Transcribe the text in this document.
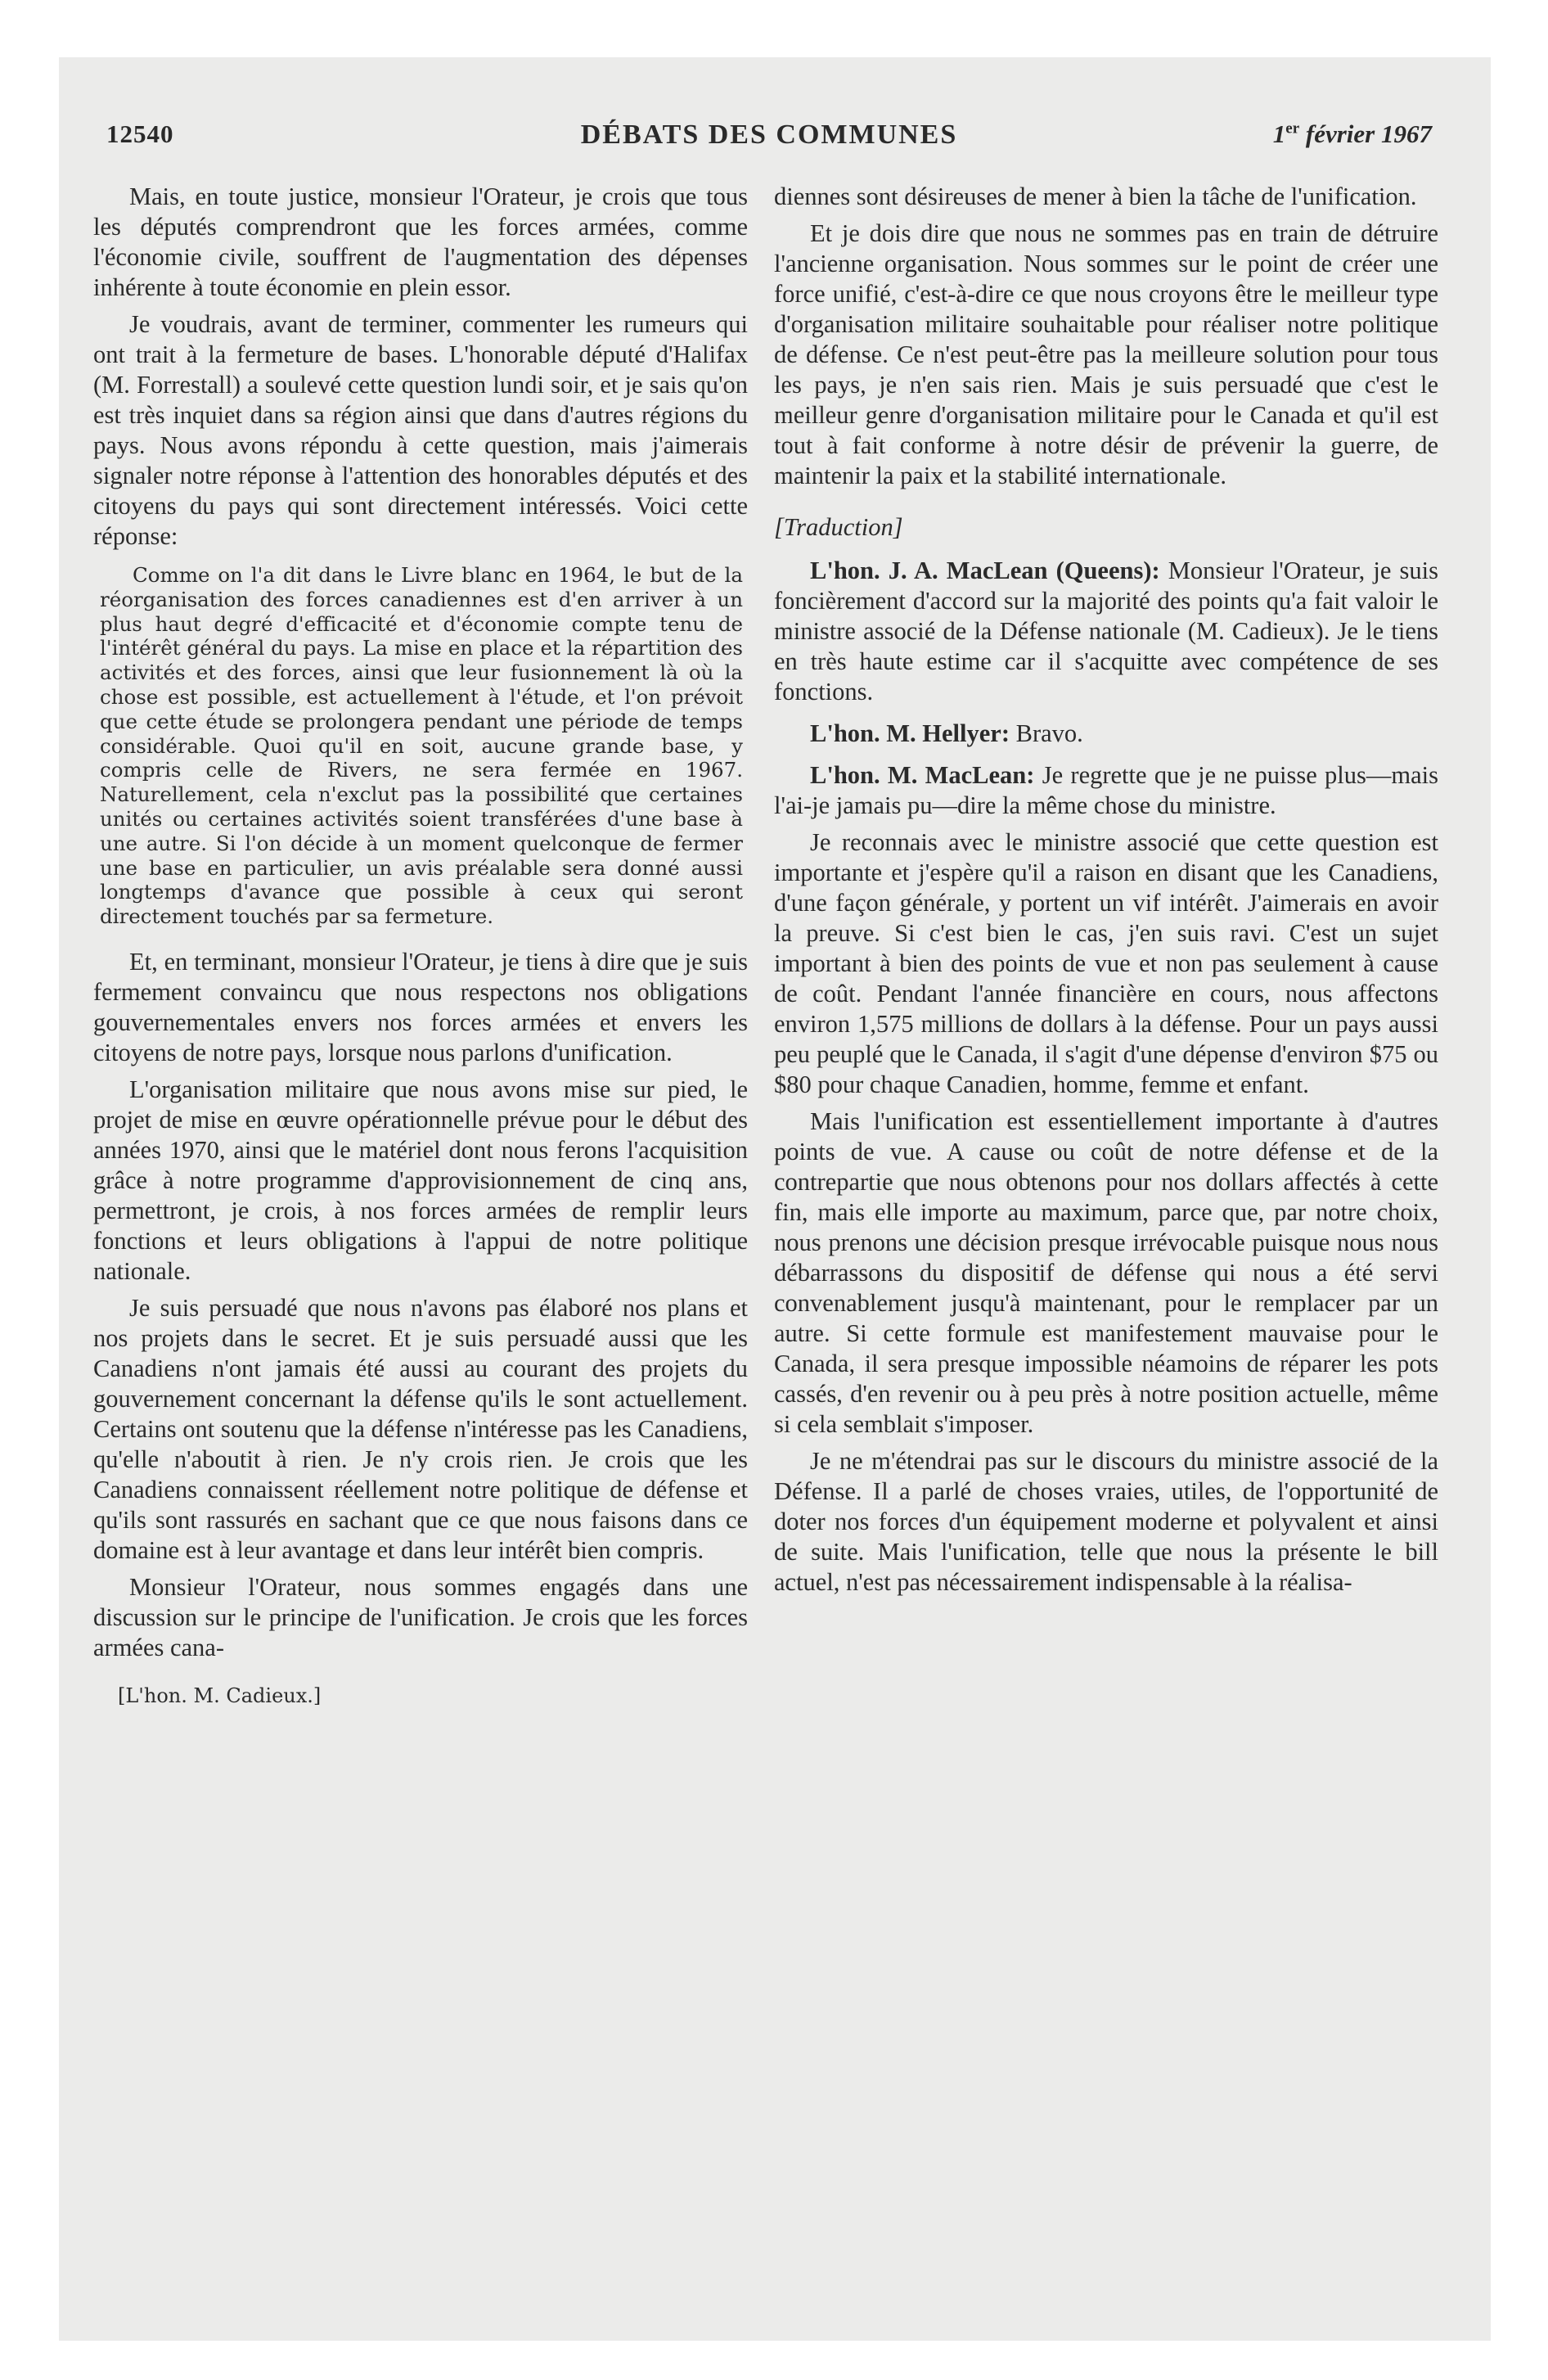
12540	DÉBATS DES COMMUNES	1er février 1967

Mais, en toute justice, monsieur l'Orateur, je crois que tous les députés comprendront que les forces armées, comme l'économie civile, souffrent de l'augmentation des dépenses inhérente à toute économie en plein essor.

Je voudrais, avant de terminer, commenter les rumeurs qui ont trait à la fermeture de bases. L'honorable député d'Halifax (M. Forrestall) a soulevé cette question lundi soir, et je sais qu'on est très inquiet dans sa région ainsi que dans d'autres régions du pays. Nous avons répondu à cette question, mais j'aimerais signaler notre réponse à l'attention des honorables députés et des citoyens du pays qui sont directement intéressés. Voici cette réponse:

Comme on l'a dit dans le Livre blanc en 1964, le but de la réorganisation des forces canadiennes est d'en arriver à un plus haut degré d'efficacité et d'économie compte tenu de l'intérêt général du pays. La mise en place et la répartition des activités et des forces, ainsi que leur fusionnement là où la chose est possible, est actuellement à l'étude, et l'on prévoit que cette étude se prolongera pendant une période de temps considérable. Quoi qu'il en soit, aucune grande base, y compris celle de Rivers, ne sera fermée en 1967. Naturellement, cela n'exclut pas la possibilité que certaines unités ou certaines activités soient transférées d'une base à une autre. Si l'on décide à un moment quelconque de fermer une base en particulier, un avis préalable sera donné aussi longtemps d'avance que possible à ceux qui seront directement touchés par sa fermeture.

Et, en terminant, monsieur l'Orateur, je tiens à dire que je suis fermement convaincu que nous respectons nos obligations gouvernementales envers nos forces armées et envers les citoyens de notre pays, lorsque nous parlons d'unification.

L'organisation militaire que nous avons mise sur pied, le projet de mise en œuvre opérationnelle prévue pour le début des années 1970, ainsi que le matériel dont nous ferons l'acquisition grâce à notre programme d'approvisionnement de cinq ans, permettront, je crois, à nos forces armées de remplir leurs fonctions et leurs obligations à l'appui de notre politique nationale.

Je suis persuadé que nous n'avons pas élaboré nos plans et nos projets dans le secret. Et je suis persuadé aussi que les Canadiens n'ont jamais été aussi au courant des projets du gouvernement concernant la défense qu'ils le sont actuellement. Certains ont soutenu que la défense n'intéresse pas les Canadiens, qu'elle n'aboutit à rien. Je n'y crois rien. Je crois que les Canadiens connaissent réellement notre politique de défense et qu'ils sont rassurés en sachant que ce que nous faisons dans ce domaine est à leur avantage et dans leur intérêt bien compris.

Monsieur l'Orateur, nous sommes engagés dans une discussion sur le principe de l'unification. Je crois que les forces armées cana-

[L'hon. M. Cadieux.]

diennes sont désireuses de mener à bien la tâche de l'unification.

Et je dois dire que nous ne sommes pas en train de détruire l'ancienne organisation. Nous sommes sur le point de créer une force unifié, c'est-à-dire ce que nous croyons être le meilleur type d'organisation militaire souhaitable pour réaliser notre politique de défense. Ce n'est peut-être pas la meilleure solution pour tous les pays, je n'en sais rien. Mais je suis persuadé que c'est le meilleur genre d'organisation militaire pour le Canada et qu'il est tout à fait conforme à notre désir de prévenir la guerre, de maintenir la paix et la stabilité internationale.

[Traduction]

L'hon. J. A. MacLean (Queens): Monsieur l'Orateur, je suis foncièrement d'accord sur la majorité des points qu'a fait valoir le ministre associé de la Défense nationale (M. Cadieux). Je le tiens en très haute estime car il s'acquitte avec compétence de ses fonctions.

L'hon. M. Hellyer: Bravo.

L'hon. M. MacLean: Je regrette que je ne puisse plus—mais l'ai-je jamais pu—dire la même chose du ministre.

Je reconnais avec le ministre associé que cette question est importante et j'espère qu'il a raison en disant que les Canadiens, d'une façon générale, y portent un vif intérêt. J'aimerais en avoir la preuve. Si c'est bien le cas, j'en suis ravi. C'est un sujet important à bien des points de vue et non pas seulement à cause de coût. Pendant l'année financière en cours, nous affectons environ 1,575 millions de dollars à la défense. Pour un pays aussi peu peuplé que le Canada, il s'agit d'une dépense d'environ $75 ou $80 pour chaque Canadien, homme, femme et enfant.

Mais l'unification est essentiellement importante à d'autres points de vue. A cause ou coût de notre défense et de la contrepartie que nous obtenons pour nos dollars affectés à cette fin, mais elle importe au maximum, parce que, par notre choix, nous prenons une décision presque irrévocable puisque nous nous débarrassons du dispositif de défense qui nous a été servi convenablement jusqu'à maintenant, pour le remplacer par un autre. Si cette formule est manifestement mauvaise pour le Canada, il sera presque impossible néamoins de réparer les pots cassés, d'en revenir ou à peu près à notre position actuelle, même si cela semblait s'imposer.

Je ne m'étendrai pas sur le discours du ministre associé de la Défense. Il a parlé de choses vraies, utiles, de l'opportunité de doter nos forces d'un équipement moderne et polyvalent et ainsi de suite. Mais l'unification, telle que nous la présente le bill actuel, n'est pas nécessairement indispensable à la réalisa-
